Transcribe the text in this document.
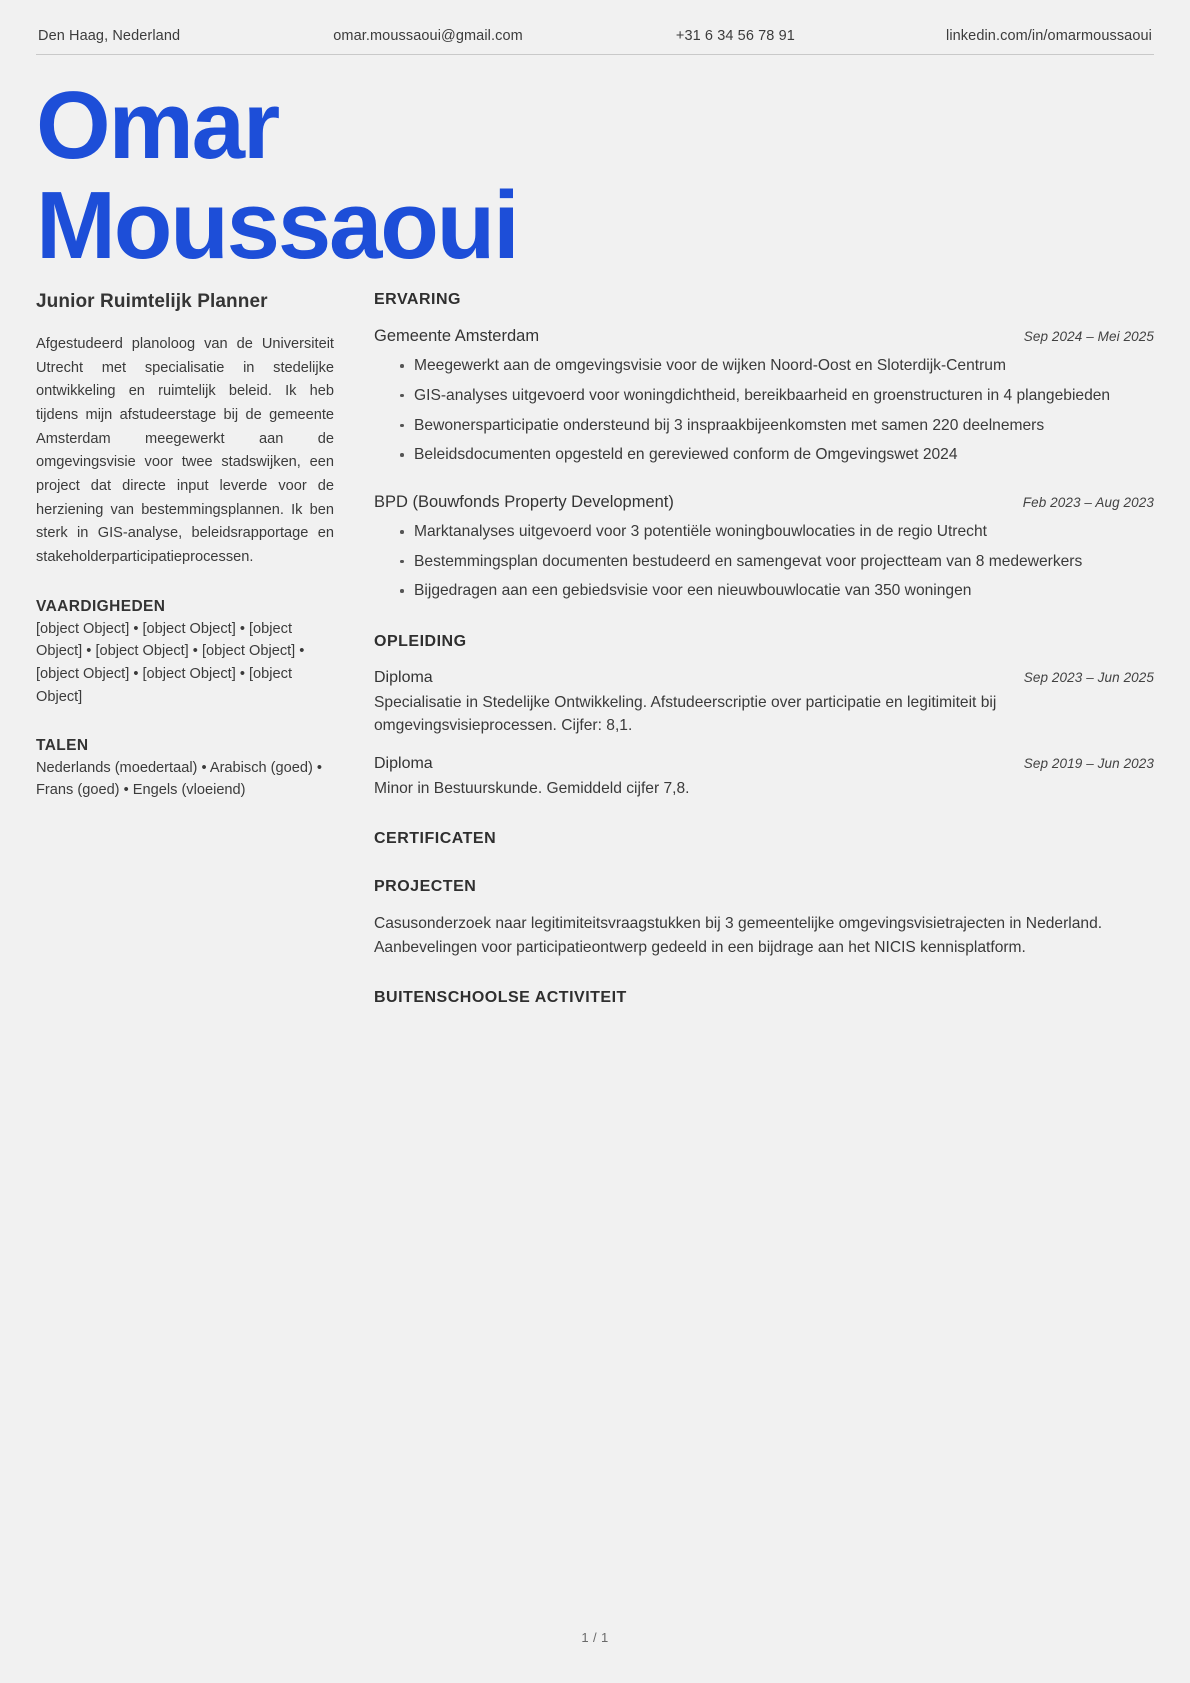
Den Haag, Nederland	omar.moussaoui@gmail.com	+31 6 34 56 78 91	linkedin.com/in/omarmoussaoui
Omar
Moussaoui
Junior Ruimtelijk Planner

Afgestudeerd planoloog van de Universiteit Utrecht met specialisatie in stedelijke ontwikkeling en ruimtelijk beleid. Ik heb tijdens mijn afstudeerstage bij de gemeente Amsterdam meegewerkt aan de omgevingsvisie voor twee stadswijken, een project dat directe input leverde voor de herziening van bestemmingsplannen. Ik ben sterk in GIS-analyse, beleidsrapportage en stakeholderparticipatieprocessen.

VAARDIGHEDEN

[object Object] • [object Object] • [object Object] • [object Object] • [object Object] • [object Object] • [object Object] • [object Object]

TALEN

Nederlands (moedertaal) • Arabisch (goed) • Frans (goed) • Engels (vloeiend)

ERVARING
Gemeente Amsterdam	Sep 2024 – Mei 2025
Meegewerkt aan de omgevingsvisie voor de wijken Noord-Oost en Sloterdijk-Centrum
GIS-analyses uitgevoerd voor woningdichtheid, bereikbaarheid en groenstructuren in 4 plangebieden
Bewonersparticipatie ondersteund bij 3 inspraakbijeenkomsten met samen 220 deelnemers
Beleidsdocumenten opgesteld en gereviewed conform de Omgevingswet 2024
BPD (Bouwfonds Property Development)	Feb 2023 – Aug 2023
Marktanalyses uitgevoerd voor 3 potentiële woningbouwlocaties in de regio Utrecht
Bestemmingsplan documenten bestudeerd en samengevat voor projectteam van 8 medewerkers
Bijgedragen aan een gebiedsvisie voor een nieuwbouwlocatie van 350 woningen
OPLEIDING
Diploma	Sep 2023 – Jun 2025

Specialisatie in Stedelijke Ontwikkeling. Afstudeerscriptie over participatie en legitimiteit bij omgevingsvisieprocessen. Cijfer: 8,1.

Diploma	Sep 2019 – Jun 2023

Minor in Bestuurskunde. Gemiddeld cijfer 7,8.

CERTIFICATEN
PROJECTEN

Casusonderzoek naar legitimiteitsvraagstukken bij 3 gemeentelijke omgevingsvisietrajecten in Nederland. Aanbevelingen voor participatieontwerp gedeeld in een bijdrage aan het NICIS kennisplatform.

BUITENSCHOOLSE ACTIVITEIT
1 / 1
